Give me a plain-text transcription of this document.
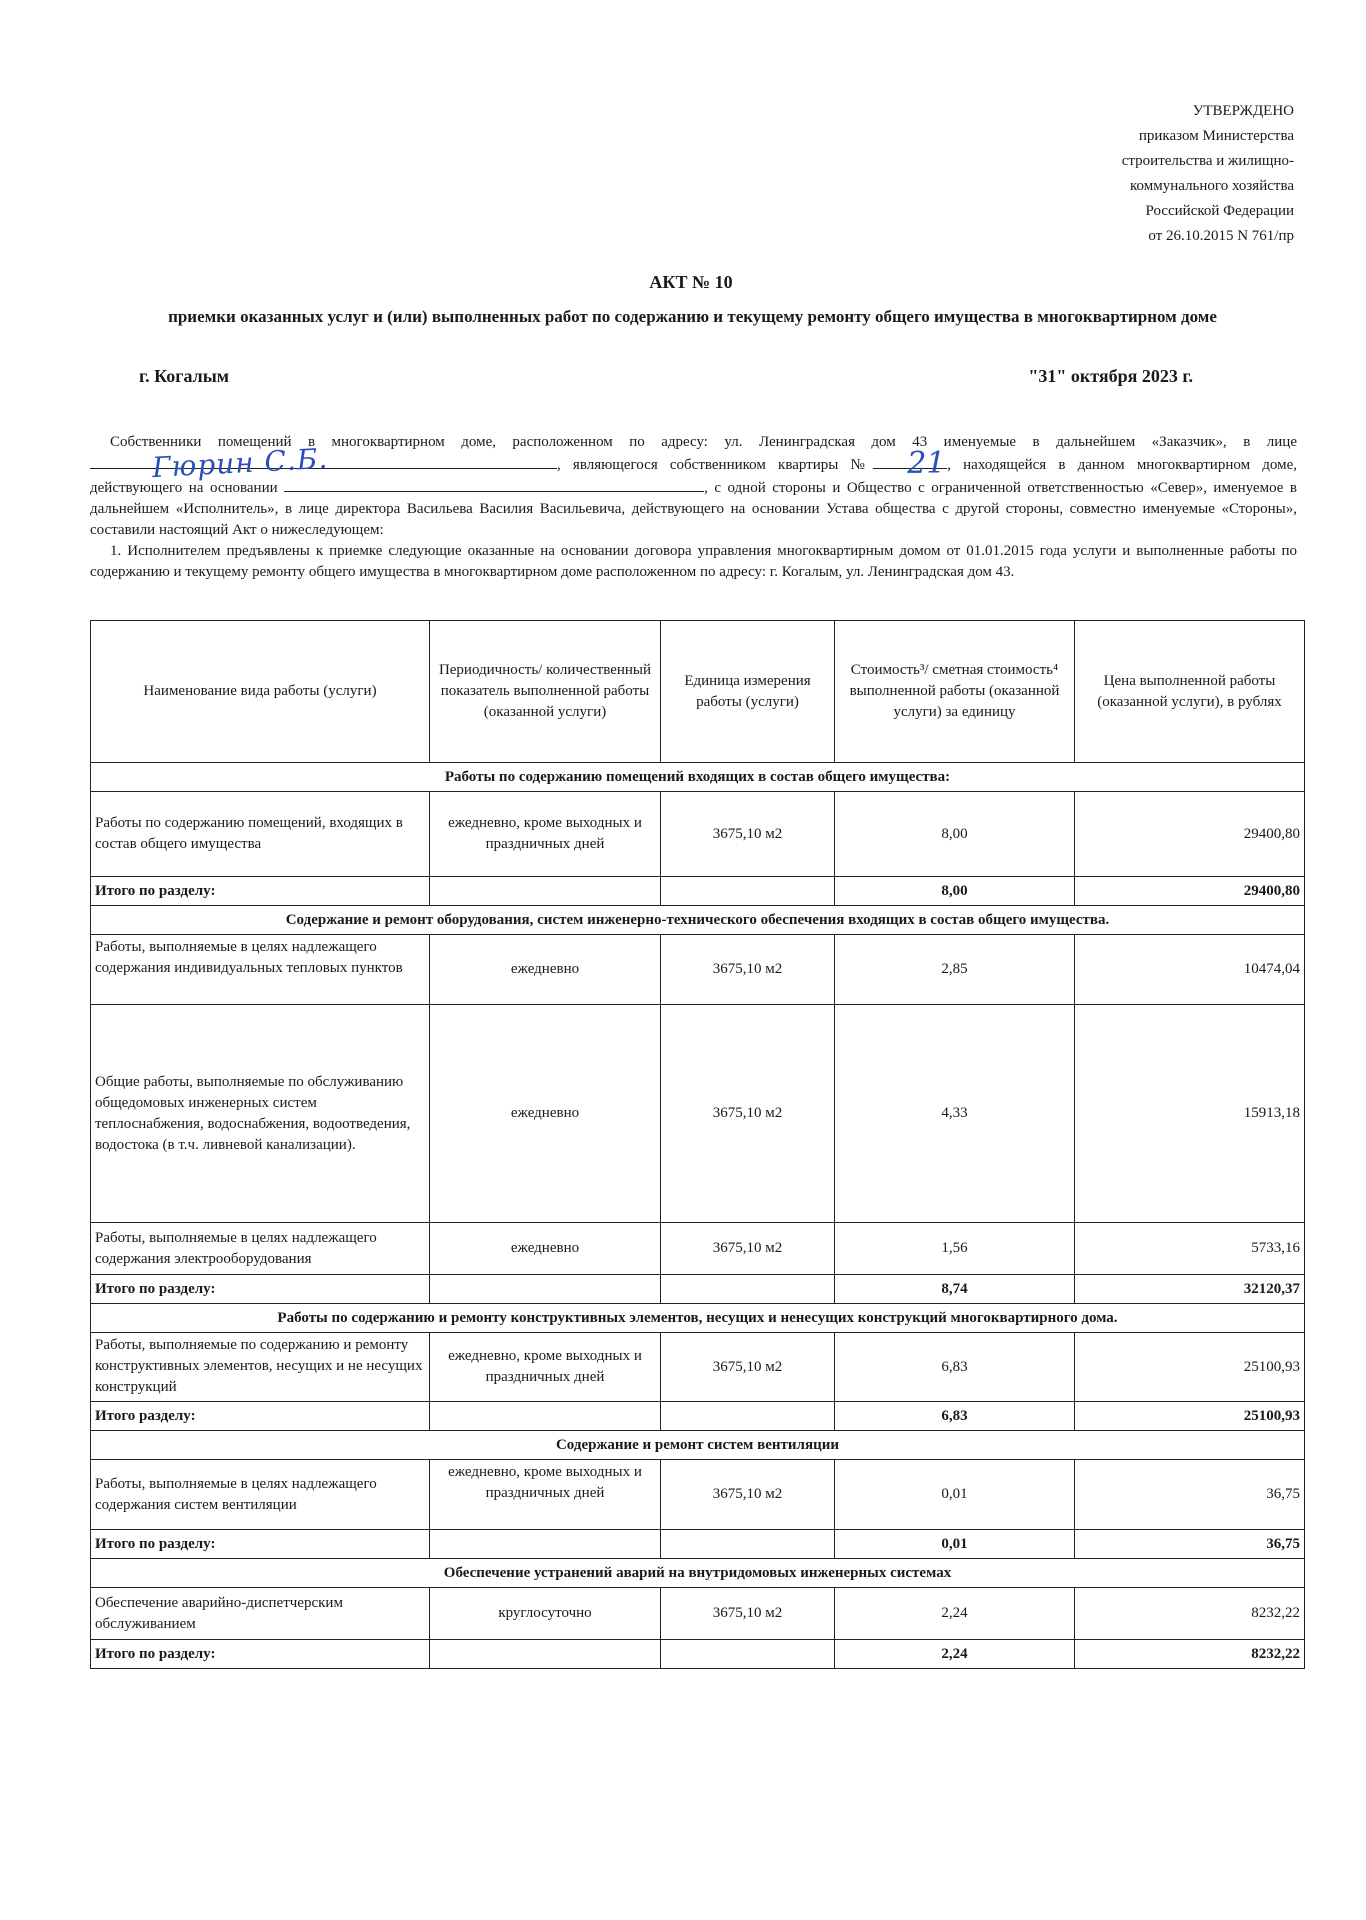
УТВЕРЖДЕНО
приказом Министерства
строительства и жилищно-
коммунального хозяйства
Российской Федерации
от 26.10.2015 N 761/пр
АКТ № 10
приемки оказанных услуг и (или) выполненных работ по содержанию и текущему ремонту общего имущества в многоквартирном доме
г. Когалым	"31" октября 2023 г.

Собственники помещений в многоквартирном доме, расположенном по адресу: ул. Ленинградская дом 43 именуемые в дальнейшем «Заказчик», в лице
Гюрин С.Б.	, являющегося собственником квартиры №	21 , находящейся в данном многоквартирном доме, действующего на основании	, с одной стороны и Обществo с ограниченной ответственностью «Север», именуемое в дальнейшем «Исполнитель», в лице директора Васильева Василия Васильевича, действующего на основании Устава общества с другой стороны, совместно именуемые «Стороны», составили настоящий Акт о нижеследующем:

1. Исполнителем предъявлены к приемке следующие оказанные на основании договора управления многоквартирным домом от 01.01.2015 года услуги и выполненные работы по содержанию и текущему ремонту общего имущества в многоквартирном доме расположенном по адресу: г. Когалым, ул. Ленинградская дом 43.

Наименование вида работы (услуги)	Периодичность/ количественный показатель выполненной работы (оказанной услуги)	Единица измерения работы (услуги)	Стоимость³/ сметная стоимость⁴ выполненной работы (оказанной услуги) за единицу	Цена выполненной работы (оказанной услуги), в рублях
Работы по содержанию помещений входящих в состав общего имущества:				
Работы по содержанию помещений, входящих в состав общего имущества	ежедневно, кроме выходных и праздничных дней	3675,10 м2	8,00	29400,80
Итого по разделу:			8,00	29400,80
Содержание и ремонт оборудования, систем инженерно-технического обеспечения входящих в состав общего имущества.				
Работы, выполняемые в целях надлежащего содержания индивидуальных тепловых пунктов	ежедневно	3675,10 м2	2,85	10474,04
Общие работы, выполняемые по обслуживанию общедомовых инженерных систем теплоснабжения, водоснабжения, водоотведения, водостока (в т.ч. ливневой канализации).	ежедневно	3675,10 м2	4,33	15913,18
Работы, выполняемые в целях надлежащего содержания электрооборудования	ежедневно	3675,10 м2	1,56	5733,16
Итого по разделу:			8,74	32120,37
Работы по содержанию и ремонту конструктивных элементов, несущих и ненесущих конструкций многоквартирного дома.				
Работы, выполняемые по содержанию и ремонту конструктивных элементов, несущих и не несущих конструкций	ежедневно, кроме выходных и праздничных дней	3675,10 м2	6,83	25100,93
Итого разделу:			6,83	25100,93
Содержание и ремонт систем вентиляции				
Работы, выполняемые в целях надлежащего содержания систем вентиляции	ежедневно, кроме выходных и праздничных дней	3675,10 м2	0,01	36,75
Итого по разделу:			0,01	36,75
Обеспечение устранений аварий на внутридомовых инженерных системах				
Обеспечение аварийно-диспетчерским обслуживанием	круглосуточно	3675,10 м2	2,24	8232,22
Итого по разделу:			2,24	8232,22
